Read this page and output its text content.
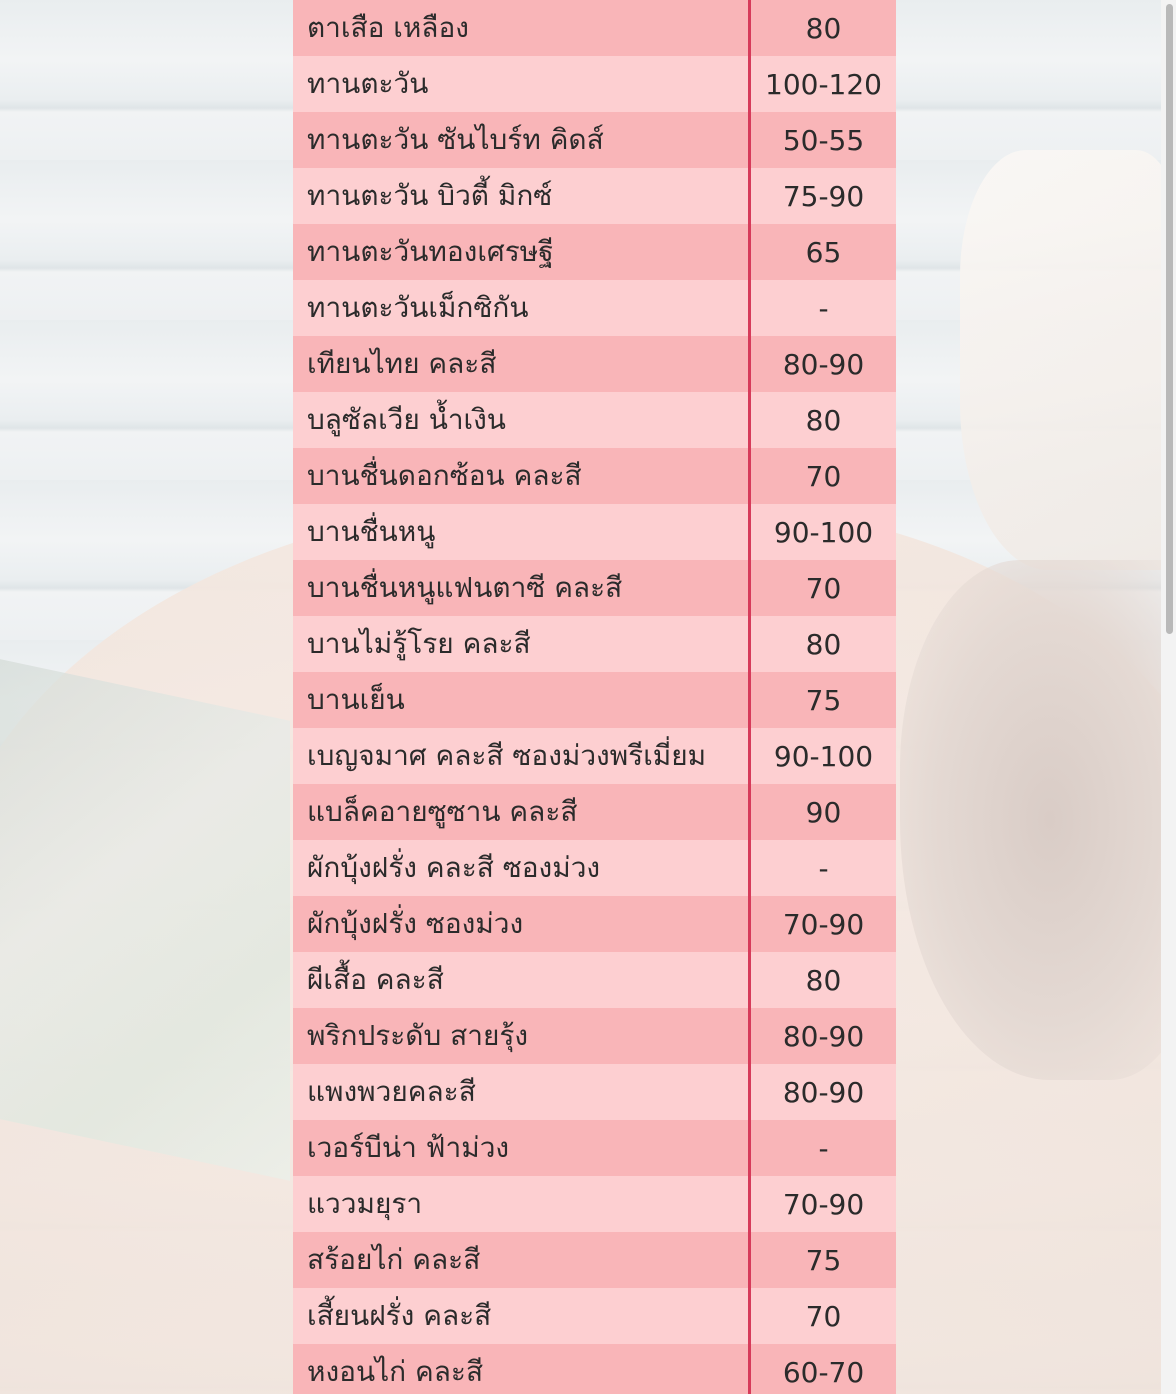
ตาเสือ เหลือง	80
ทานตะวัน	100-120
ทานตะวัน ซันไบร์ท คิดส์	50-55
ทานตะวัน บิวตี้ มิกซ์	75-90
ทานตะวันทองเศรษฐี	65
ทานตะวันเม็กซิกัน	-
เทียนไทย คละสี	80-90
บลูซัลเวีย น้ำเงิน	80
บานชื่นดอกซ้อน คละสี	70
บานชื่นหนู	90-100
บานชื่นหนูแฟนตาซี คละสี	70
บานไม่รู้โรย คละสี	80
บานเย็น	75
เบญจมาศ คละสี ซองม่วงพรีเมี่ยม	90-100
แบล็คอายซูซาน คละสี	90
ผักบุ้งฝรั่ง คละสี ซองม่วง	-
ผักบุ้งฝรั่ง ซองม่วง	70-90
ผีเสื้อ คละสี	80
พริกประดับ สายรุ้ง	80-90
แพงพวยคละสี	80-90
เวอร์บีน่า ฟ้าม่วง	-
แววมยุรา	70-90
สร้อยไก่ คละสี	75
เสี้ยนฝรั่ง คละสี	70
หงอนไก่ คละสี	60-70
